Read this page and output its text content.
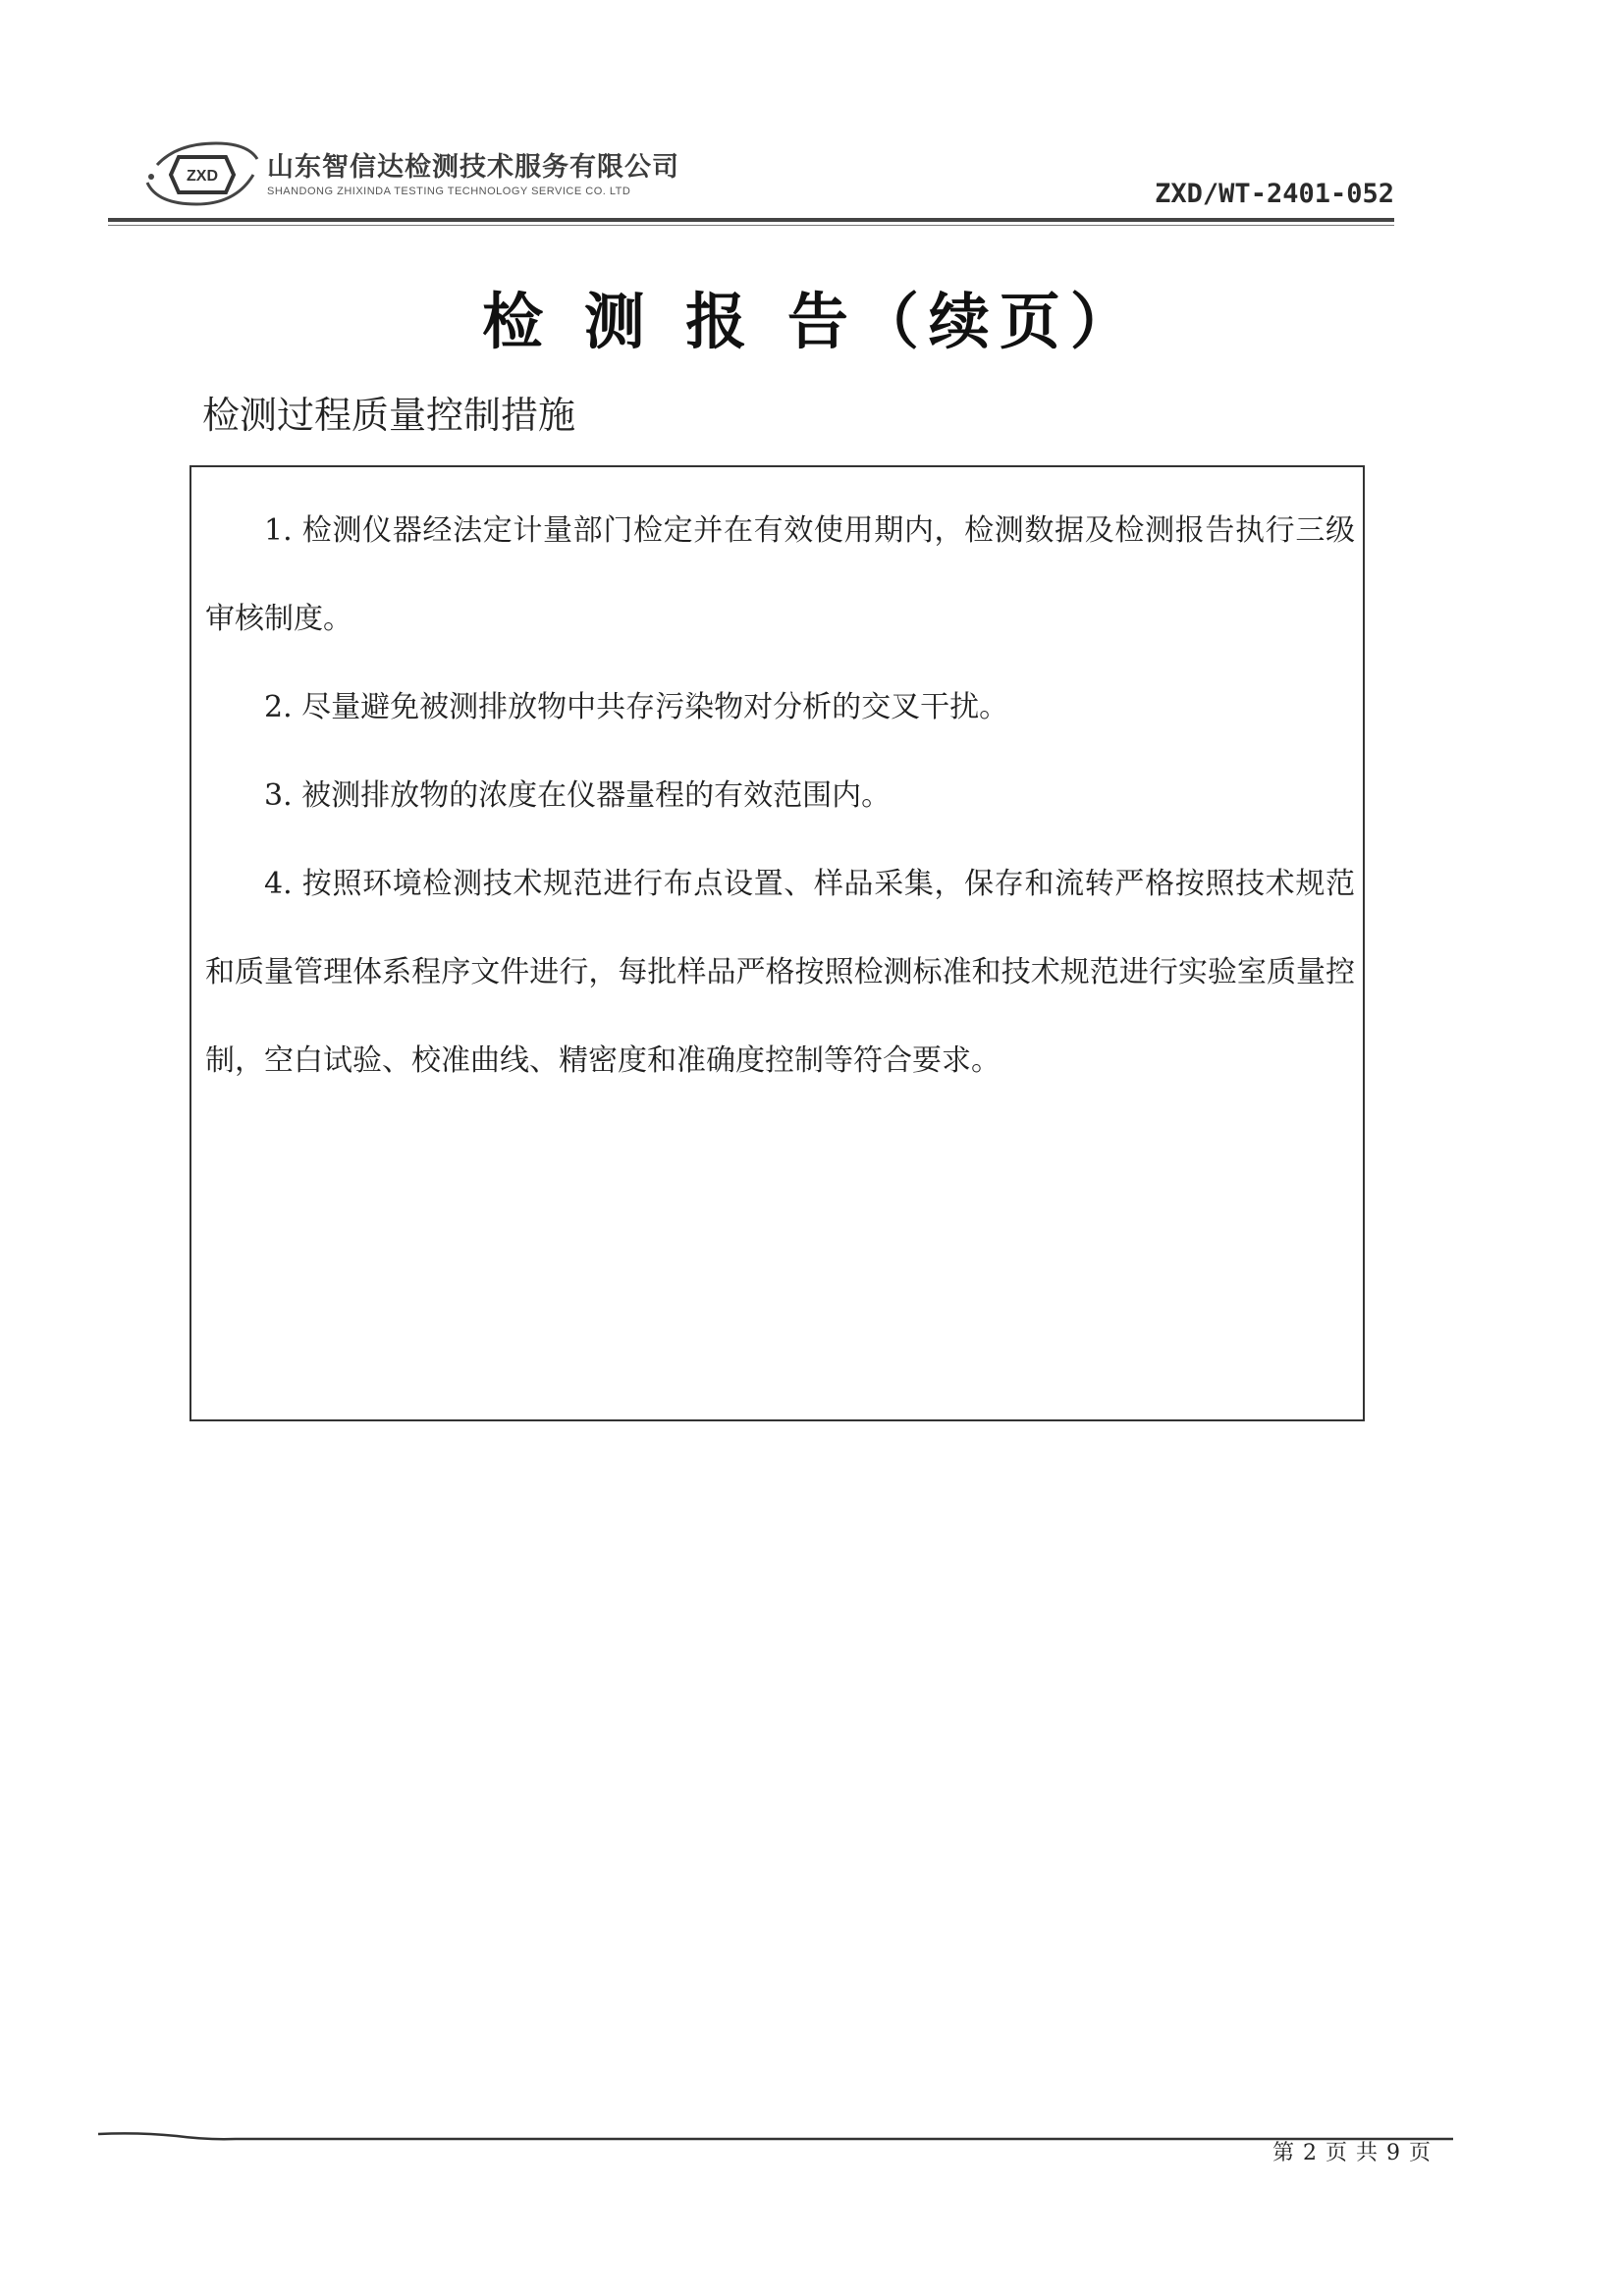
ZXD 山东智信达检测技术服务有限公司
SHANDONG ZHIXINDA TESTING TECHNOLOGY SERVICE CO. LTD	ZXD/WT-2401-052
检 测 报 告（续页）
检测过程质量控制措施
1. 检测仪器经法定计量部门检定并在有效使用期内，检测数据及检测报告执行三级审核制度。
2. 尽量避免被测排放物中共存污染物对分析的交叉干扰。
3. 被测排放物的浓度在仪器量程的有效范围内。
4. 按照环境检测技术规范进行布点设置、样品采集，保存和流转严格按照技术规范和质量管理体系程序文件进行，每批样品严格按照检测标准和技术规范进行实验室质量控制，空白试验、校准曲线、精密度和准确度控制等符合要求。
第 2 页 共 9 页
